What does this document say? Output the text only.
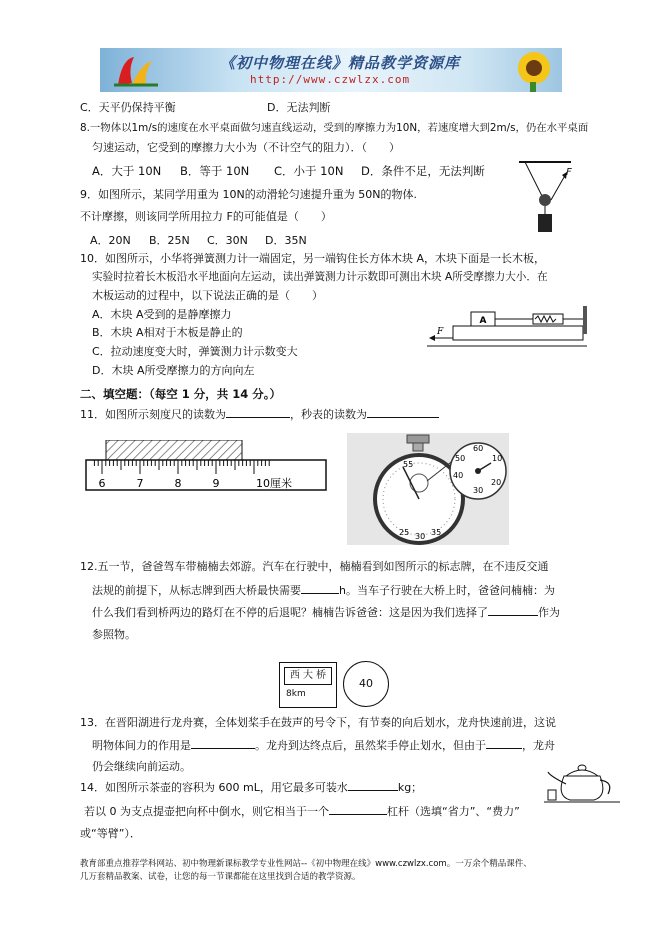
《初中物理在线》精品教学资源库
http://www.czwlzx.com
C．天平仍保持平衡	D．无法判断
8.一物体以1m/s的速度在水平桌面做匀速直线运动，受到的摩擦力为10N，若速度增大到2m/s，仍在水平桌面
匀速运动，它受到的摩擦力大小为（不计空气的阻力）．（　　）
A．大于 10N B．等于 10N C．小于 10N D．条件不足，无法判断
9．如图所示，某同学用重为 10N的动滑轮匀速提升重为 50N的物体.
不计摩擦，则该同学所用拉力 F的可能值是（　　）
A．20N B．25N C．30N D．35N
F
10．如图所示，小华将弹簧测力计一端固定，另一端钩住长方体木块 A，木块下面是一长木板，
实验时拉着长木板沿水平地面向左运动，读出弹簧测力计示数即可测出木块 A所受摩擦力大小．在
木板运动的过程中，以下说法正确的是（　　）
A．木块 A受到的是静摩擦力
B．木块 A相对于木板是静止的
C．拉动速度变大时，弹簧测力计示数变大
D．木块 A所受摩擦力的方向向左
A
F
二、填空题：（每空 1 分，共 14 分。）
11．如图所示刻度尺的读数为	，秒表的读数为
6	7	8	9	10厘米
25 30 35
55
60
50
40
30
20
10
12.五一节，爸爸驾车带楠楠去郊游。汽车在行驶中，楠楠看到如图所示的标志牌，在不违反交通
法规的前提下，从标志牌到西大桥最快需要	h。当车子行驶在大桥上时，爸爸问楠楠：为
什么我们看到桥两边的路灯在不停的后退呢？楠楠告诉爸爸：这是因为我们选择了	作为
参照物。
西 大 桥
8km
40
13．在晋阳湖进行龙舟赛，全体划桨手在鼓声的号令下，有节奏的向后划水，龙舟快速前进，这说
明物体间力的作用是	。龙舟到达终点后，虽然桨手停止划水，但由于	，龙舟
仍会继续向前运动。
14．如图所示茶壶的容积为 600 mL，用它最多可装水	kg；
若以 0 为支点提壶把向杯中倒水，则它相当于一个	杠杆（选填“省力”、“费力”
或“等臂”）．
教育部重点推荐学科网站、初中物理新课标教学专业性网站--《初中物理在线》www.czwlzx.com。一万余个精品课件、
几万套精品教案、试卷，让您的每一节课都能在这里找到合适的教学资源。
